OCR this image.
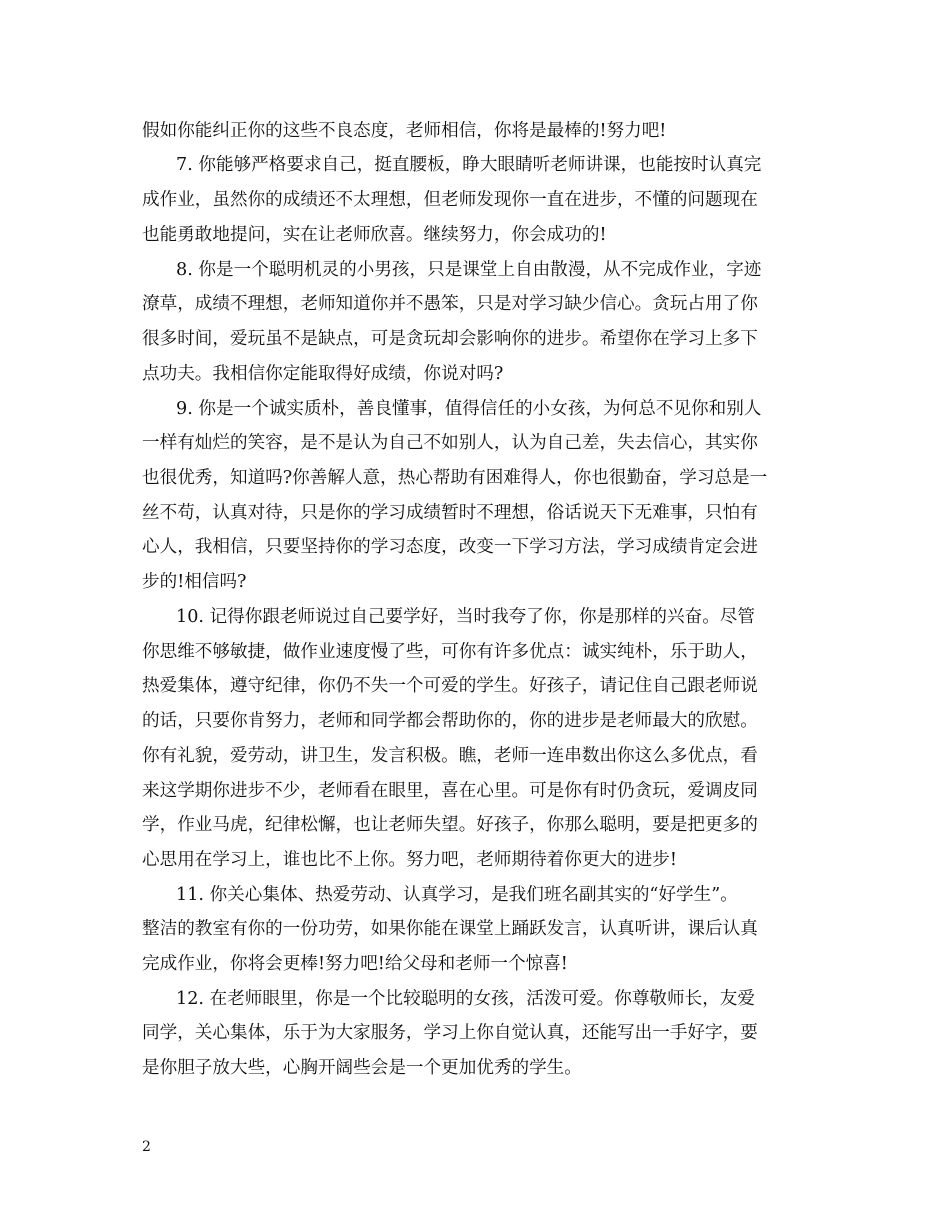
假如你能纠正你的这些不良态度，老师相信，你将是最棒的!努力吧!
7. 你能够严格要求自己，挺直腰板，睁大眼睛听老师讲课，也能按时认真完
成作业，虽然你的成绩还不太理想，但老师发现你一直在进步，不懂的问题现在
也能勇敢地提问，实在让老师欣喜。继续努力，你会成功的!
8. 你是一个聪明机灵的小男孩，只是课堂上自由散漫，从不完成作业，字迹
潦草，成绩不理想，老师知道你并不愚笨，只是对学习缺少信心。贪玩占用了你
很多时间，爱玩虽不是缺点，可是贪玩却会影响你的进步。希望你在学习上多下
点功夫。我相信你定能取得好成绩，你说对吗?
9. 你是一个诚实质朴，善良懂事，值得信任的小女孩，为何总不见你和别人
一样有灿烂的笑容，是不是认为自己不如别人，认为自己差，失去信心，其实你
也很优秀，知道吗?你善解人意，热心帮助有困难得人，你也很勤奋，学习总是一
丝不苟，认真对待，只是你的学习成绩暂时不理想，俗话说天下无难事，只怕有
心人，我相信，只要坚持你的学习态度，改变一下学习方法，学习成绩肯定会进
步的!相信吗?
10. 记得你跟老师说过自己要学好，当时我夸了你，你是那样的兴奋。尽管
你思维不够敏捷，做作业速度慢了些，可你有许多优点：诚实纯朴，乐于助人，
热爱集体，遵守纪律，你仍不失一个可爱的学生。好孩子，请记住自己跟老师说
的话，只要你肯努力，老师和同学都会帮助你的，你的进步是老师最大的欣慰。
你有礼貌，爱劳动，讲卫生，发言积极。瞧，老师一连串数出你这么多优点，看
来这学期你进步不少，老师看在眼里，喜在心里。可是你有时仍贪玩，爱调皮同
学，作业马虎，纪律松懈，也让老师失望。好孩子，你那么聪明，要是把更多的
心思用在学习上，谁也比不上你。努力吧，老师期待着你更大的进步!
11. 你关心集体、热爱劳动、认真学习，是我们班名副其实的“好学生”。
整洁的教室有你的一份功劳，如果你能在课堂上踊跃发言，认真听讲，课后认真
完成作业，你将会更棒!努力吧!给父母和老师一个惊喜!
12. 在老师眼里，你是一个比较聪明的女孩，活泼可爱。你尊敬师长，友爱
同学，关心集体，乐于为大家服务，学习上你自觉认真，还能写出一手好字，要
是你胆子放大些，心胸开阔些会是一个更加优秀的学生。
2
